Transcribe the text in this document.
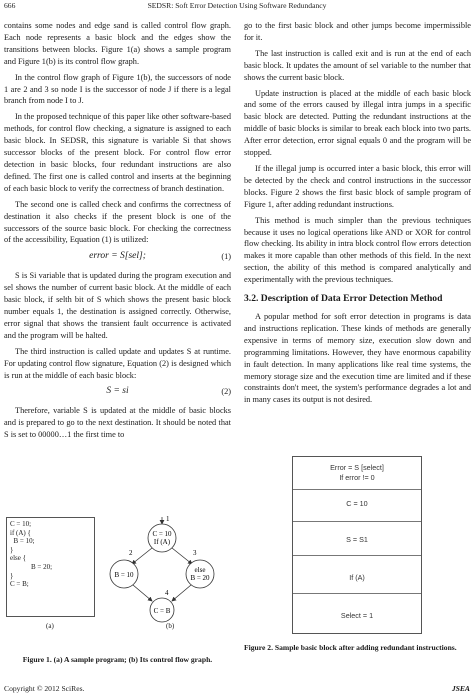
666	SEDSR: Soft Error Detection Using Software Redundancy

contains some nodes and edge sand is called control flow graph. Each node represents a basic block and the edges show the transitions between blocks. Figure 1(a) shows a sample program and Figure 1(b) is its control flow graph.

In the control flow graph of Figure 1(b), the successors of node 1 are 2 and 3 so node I is the successor of node J if there is a legal branch from node I to J.

In the proposed technique of this paper like other software-based methods, for control flow checking, a signature is assigned to each basic block. In SEDSR, this signature is variable Si that shows successor blocks of the present block. For control flow error detection in basic blocks, four redundant instructions are also defined. The first one is called control and inserts at the beginning of each basic block to verify the correctness of branch destination.

The second one is called check and confirms the correctness of destination it also checks if the present block is one of the successors of the source basic block. For checking the correctness of the accessibility, Equation (1) is utilized:

error = S[sel];	(1)

S is Si variable that is updated during the program execution and sel shows the number of current basic block. At the middle of each basic block, if selth bit of S which shows the present basic block number equals 1, the destination is assigned correctly. Otherwise, error signal that shows the transient fault occurrence is activated and the program will be halted.

The third instruction is called update and updates S at runtime. For updating control flow signature, Equation (2) is designed which is run at the middle of each basic block:

S = si	(2)

Therefore, variable S is updated at the middle of basic blocks and is prepared to go to the next destination. It should be noted that S is set to 00000…1 the first time to

C = 10;
if (A) {
B = 10;
}
else {
B = 20;
}
C = B;
(a)	(b)
C = 10
If (A)
1
2	3
B = 10
else
B = 20
4
C = B
Figure 1. (a) A sample program; (b) Its control flow graph.

go to the first basic block and other jumps become impermissible for it.

The last instruction is called exit and is run at the end of each basic block. It updates the amount of sel variable to the number that shows the current basic block.

Update instruction is placed at the middle of each basic block and some of the errors caused by illegal intra jumps in a specific basic block are detected. Putting the redundant instructions at the middle of basic blocks is similar to break each block into two parts. After error detection, error signal equals 0 and the program will be stopped.

If the illegal jump is occurred inter a basic block, this error will be detected by the check and control instructions in the successor blocks. Figure 2 shows the first basic block of sample program of Figure 1, after adding redundant instructions.

This method is much simpler than the previous techniques because it uses no logical operations like AND or XOR for control flow checking. Its ability in intra block control flow errors detection makes it more capable than other methods of this field. In the next section, the ability of this method is compared analytically and experimentally with the previous techniques.

3.2. Description of Data Error Detection Method

A popular method for soft error detection in programs is data and instructions replication. These kinds of methods are generally expensive in terms of memory size, execution slow down and programming limitations. However, they have enormous capability in fault detection. In many applications like real time systems, the memory storage size and the execution time are limited and if these constraints don't meet, the system's performance degrades a lot and in many cases its output is not desired.

Error = S [select]
If error != 0
C = 10
S = S1
If (A)
Select = 1
Figure 2. Sample basic block after adding redundant instructions.
Copyright © 2012 SciRes.	JSEA
